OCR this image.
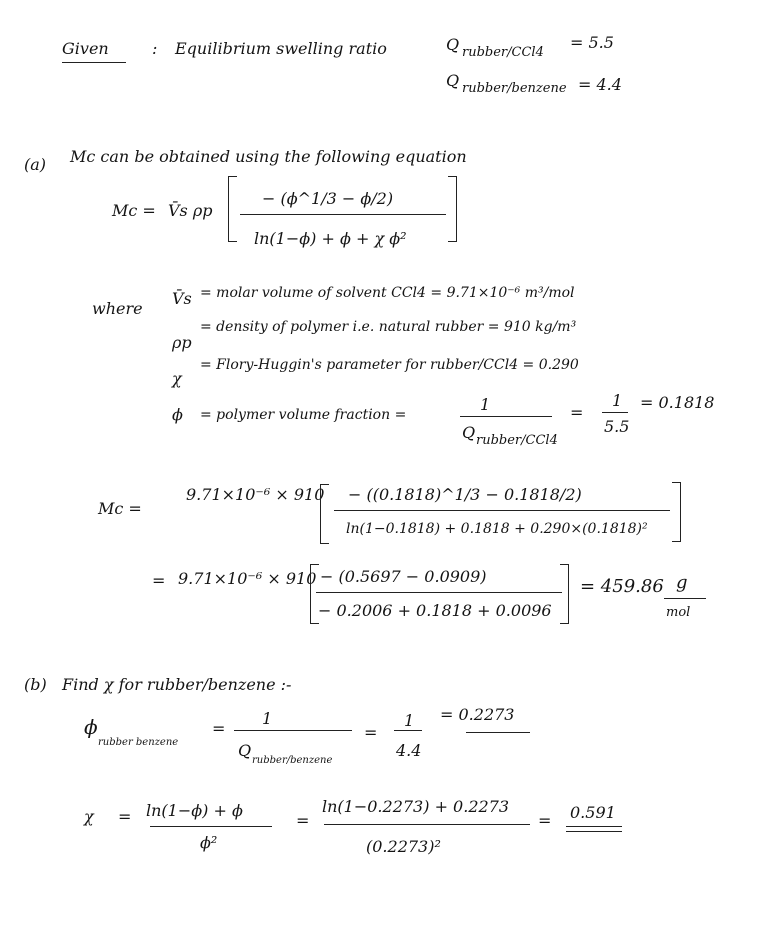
Given	: Equilibrium swelling ratio	Q rubber/CCl4
= 5.5
Q rubber/benzene = 4.4
(a) Mc can be obtained using the following equation
Mc = V̄s ρp
− (ϕ^1/3 − ϕ/2)
ln(1−ϕ) + ϕ + χ ϕ²
where
V̄s = molar volume of solvent CCl4 = 9.71×10⁻⁶ m³/mol
ρp
= density of polymer i.e. natural rubber = 910 kg/m³
χ
= Flory-Huggin's parameter for rubber/CCl4 = 0.290
ϕ = polymer volume fraction =
1
Q rubber/CCl4
=
1
5.5
= 0.1818
Mc =
9.71×10⁻⁶ × 910 − ((0.1818)^1/3 − 0.1818/2)
ln(1−0.1818) + 0.1818 + 0.290×(0.1818)²
= 9.71×10⁻⁶ × 910 − (0.5697 − 0.0909)
− 0.2006 + 0.1818 + 0.0096
= 459.86 g
mol
(b) Find χ for rubber/benzene :-
ϕ
rubber benzene
=
1
Q
rubber/benzene
=
1
4.4
= 0.2273
χ = ln(1−ϕ) + ϕ
ϕ²
=
ln(1−0.2273) + 0.2273
(0.2273)²
= 0.591
